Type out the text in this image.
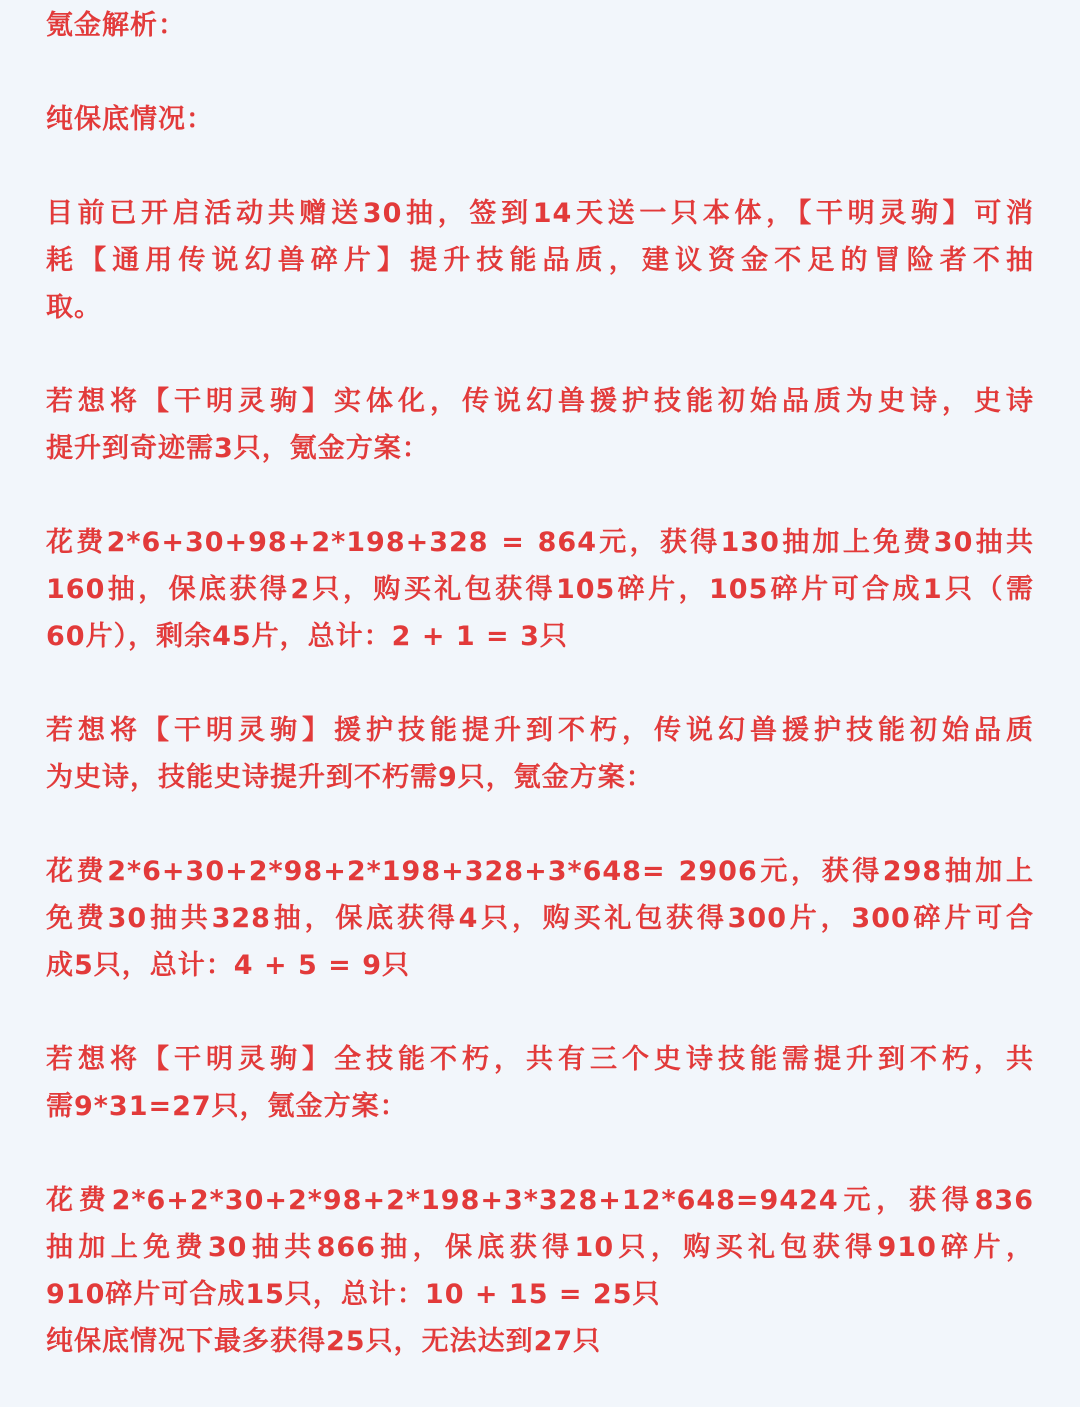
氪金解析：

纯保底情况：

目前已开启活动共赠送30抽，签到14天送一只本体，【干明灵驹】可消
耗【通用传说幻兽碎片】提升技能品质，建议资金不足的冒险者不抽
取。

若想将【干明灵驹】实体化，传说幻兽援护技能初始品质为史诗，史诗
提升到奇迹需3只，氪金方案：

花费2*6+30+98+2*198+328 = 864元，获得130抽加上免费30抽共
160抽，保底获得2只，购买礼包获得105碎片，105碎片可合成1只（需
60片），剩余45片，总计：2 + 1 = 3只

若想将【干明灵驹】援护技能提升到不朽，传说幻兽援护技能初始品质
为史诗，技能史诗提升到不朽需9只，氪金方案：

花费2*6+30+2*98+2*198+328+3*648= 2906元，获得298抽加上
免费30抽共328抽，保底获得4只，购买礼包获得300片，300碎片可合
成5只，总计：4 + 5 = 9只

若想将【干明灵驹】全技能不朽，共有三个史诗技能需提升到不朽，共
需9*31=27只，氪金方案：

花费2*6+2*30+2*98+2*198+3*328+12*648=9424元，获得836
抽加上免费30抽共866抽，保底获得10只，购买礼包获得910碎片，
910碎片可合成15只，总计：10 + 15 = 25只
纯保底情况下最多获得25只，无法达到27只
